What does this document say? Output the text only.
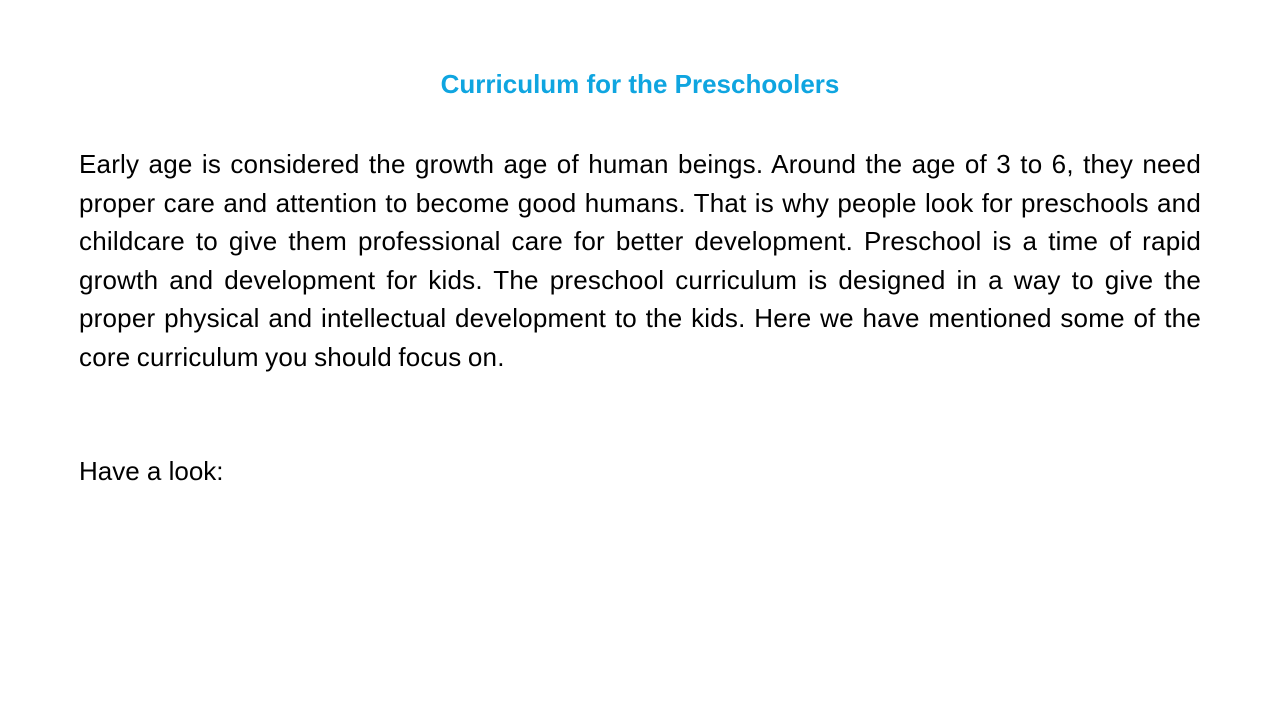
Curriculum for the Preschoolers

Early age is considered the growth age of human beings. Around the age of 3 to 6, they need proper care and attention to become good humans. That is why people look for preschools and childcare to give them professional care for better development. Preschool is a time of rapid growth and development for kids. The preschool curriculum is designed in a way to give the proper physical and intellectual development to the kids. Here we have mentioned some of the core curriculum you should focus on.

Have a look:
